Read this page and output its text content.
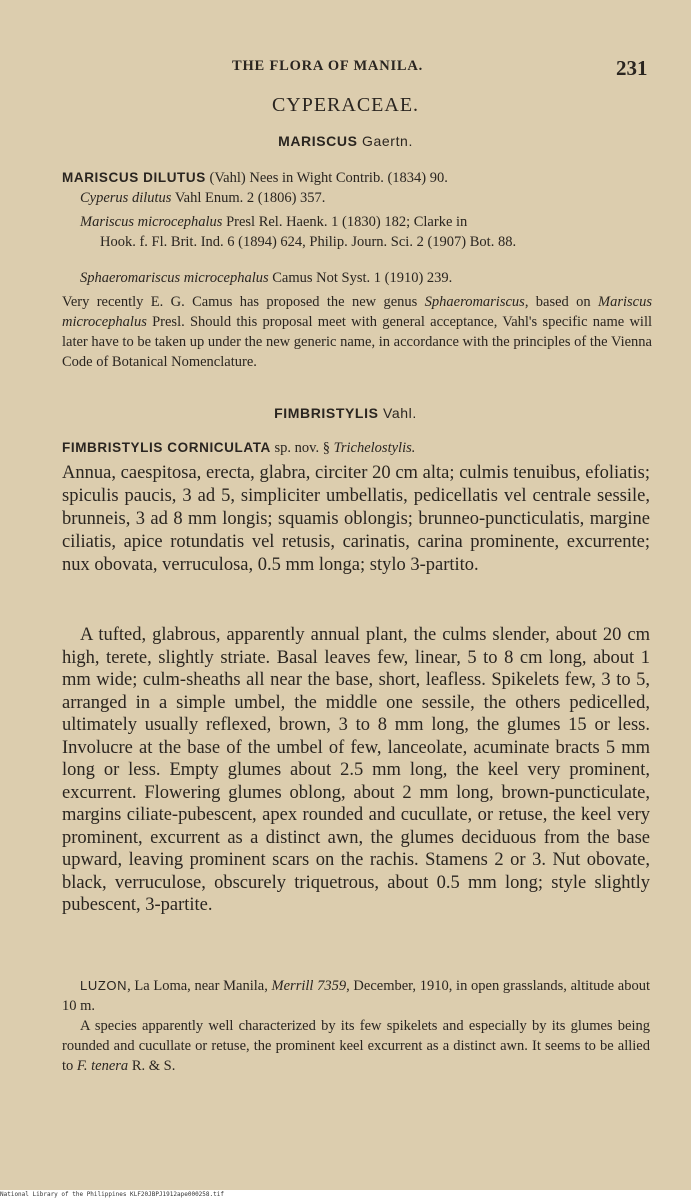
THE FLORA OF MANILA.	231
CYPERACEAE.
MARISCUS Gaertn.
MARISCUS DILUTUS (Vahl) Nees in Wight Contrib. (1834) 90.
Cyperus dilutus Vahl Enum. 2 (1806) 357.
Mariscus microcephalus Presl Rel. Haenk. 1 (1830) 182; Clarke in
Hook. f. Fl. Brit. Ind. 6 (1894) 624, Philip. Journ. Sci. 2 (1907) Bot. 88.
Sphaeromariscus microcephalus Camus Not Syst. 1 (1910) 239.
Very recently E. G. Camus has proposed the new genus Sphaeromariscus, based on Mariscus microcephalus Presl. Should this proposal meet with general acceptance, Vahl's specific name will later have to be taken up under the new generic name, in accordance with the principles of the Vienna Code of Botanical Nomenclature.
FIMBRISTYLIS Vahl.
FIMBRISTYLIS CORNICULATA sp. nov. § Trichelostylis.
Annua, caespitosa, erecta, glabra, circiter 20 cm alta; culmis tenuibus, efoliatis; spiculis paucis, 3 ad 5, simpliciter umbellatis, pedicellatis vel centrale sessile, brunneis, 3 ad 8 mm longis; squamis oblongis; brunneo-puncticulatis, margine ciliatis, apice rotundatis vel retusis, carinatis, carina prominente, excurrente; nux obovata, verruculosa, 0.5 mm longa; stylo 3-partito.
A tufted, glabrous, apparently annual plant, the culms slender, about 20 cm high, terete, slightly striate. Basal leaves few, linear, 5 to 8 cm long, about 1 mm wide; culm-sheaths all near the base, short, leafless. Spikelets few, 3 to 5, arranged in a simple umbel, the middle one sessile, the others pedicelled, ultimately usually reflexed, brown, 3 to 8 mm long, the glumes 15 or less. Involucre at the base of the umbel of few, lanceolate, acuminate bracts 5 mm long or less. Empty glumes about 2.5 mm long, the keel very prominent, excurrent. Flowering glumes oblong, about 2 mm long, brown-puncticulate, margins ciliate-pubescent, apex rounded and cucullate, or retuse, the keel very prominent, excurrent as a distinct awn, the glumes deciduous from the base upward, leaving prominent scars on the rachis. Stamens 2 or 3. Nut obovate, black, verruculose, obscurely triquetrous, about 0.5 mm long; style slightly pubescent, 3-partite.
LUZON, La Loma, near Manila, Merrill 7359, December, 1910, in open grasslands, altitude about 10 m.
A species apparently well characterized by its few spikelets and especially by its glumes being rounded and cucullate or retuse, the prominent keel excurrent as a distinct awn. It seems to be allied to F. tenera R. & S.
National Library of the Philippines KLF20JBPJ1912ape000258.tif
